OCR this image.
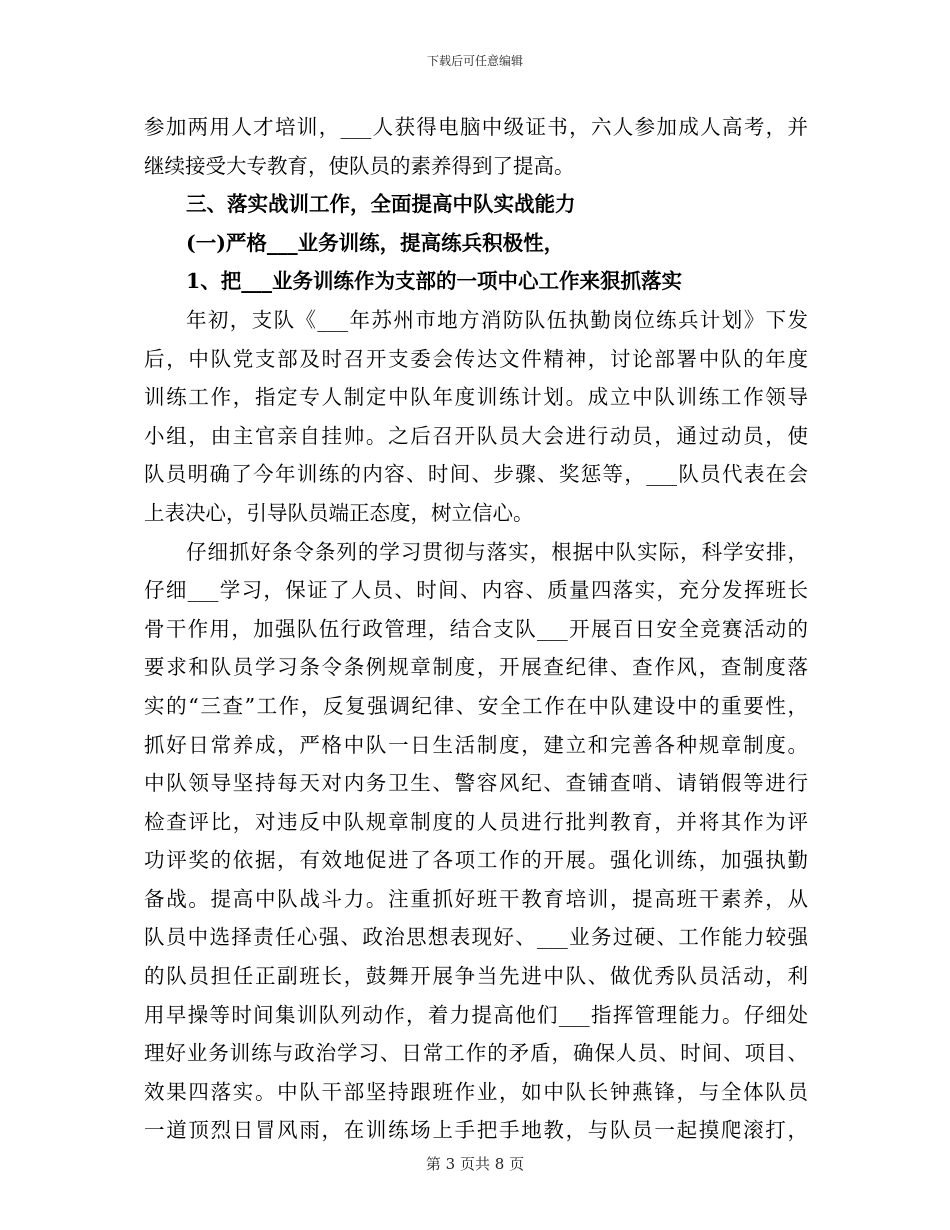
下载后可任意编辑
参加两用人才培训，___人获得电脑中级证书，六人参加成人高考，并
继续接受大专教育，使队员的素养得到了提高。
三、落实战训工作，全面提高中队实战能力
(一)严格___业务训练，提高练兵积极性，
1、把___业务训练作为支部的一项中心工作来狠抓落实
年初，支队《___年苏州市地方消防队伍执勤岗位练兵计划》下发
后，中队党支部及时召开支委会传达文件精神，讨论部署中队的年度
训练工作，指定专人制定中队年度训练计划。成立中队训练工作领导
小组，由主官亲自挂帅。之后召开队员大会进行动员，通过动员，使
队员明确了今年训练的内容、时间、步骤、奖惩等，___队员代表在会
上表决心，引导队员端正态度，树立信心。
仔细抓好条令条列的学习贯彻与落实，根据中队实际，科学安排，
仔细___学习，保证了人员、时间、内容、质量四落实，充分发挥班长
骨干作用，加强队伍行政管理，结合支队___开展百日安全竞赛活动的
要求和队员学习条令条例规章制度，开展查纪律、查作风，查制度落
实的“三查”工作，反复强调纪律、安全工作在中队建设中的重要性，
抓好日常养成，严格中队一日生活制度，建立和完善各种规章制度。
中队领导坚持每天对内务卫生、警容风纪、查铺查哨、请销假等进行
检查评比，对违反中队规章制度的人员进行批判教育，并将其作为评
功评奖的依据，有效地促进了各项工作的开展。强化训练，加强执勤
备战。提高中队战斗力。注重抓好班干教育培训，提高班干素养，从
队员中选择责任心强、政治思想表现好、___业务过硬、工作能力较强
的队员担任正副班长，鼓舞开展争当先进中队、做优秀队员活动，利
用早操等时间集训队列动作，着力提高他们___指挥管理能力。仔细处
理好业务训练与政治学习、日常工作的矛盾，确保人员、时间、项目、
效果四落实。中队干部坚持跟班作业，如中队长钟燕锋，与全体队员
一道顶烈日冒风雨，在训练场上手把手地教，与队员一起摸爬滚打，
第 3 页共 8 页
